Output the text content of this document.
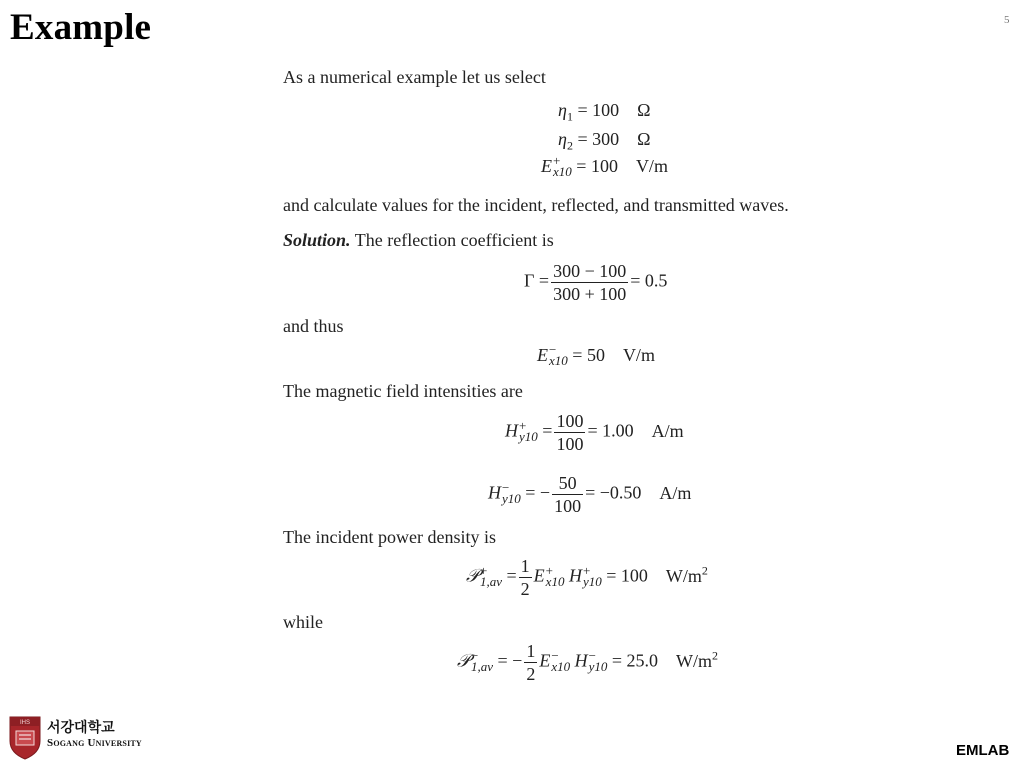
Example	5
As a numerical example let us select
$\eta_1 = 100$ Ω
$\eta_2 = 300$ Ω
E +
x10 = 100 V/m
and calculate values for the incident, reflected, and transmitted waves.
Solution. The reflection coefficient is
$\Gamma = \frac{300 - 100}{300 + 100} = 0.5$
and thus
E −
x10 = 50 V/m
The magnetic field intensities are
H +
$y10 = \frac{100}{100} = 1.00$ A/m
H −
y10 = − $\frac{50}{100} = -0.50$ A/m
The incident power density is
𝒫 +
$1,av = \frac{1}{2}$ E +
x10 H +
y10 = 100 $W/m^2$
while
𝒫 −
1,av = − $\frac{1}{2}$ E −
x10 H −
y10 = 25.0 $W/m^2$
IHS 서강대학교
Sogang University	EMLAB
